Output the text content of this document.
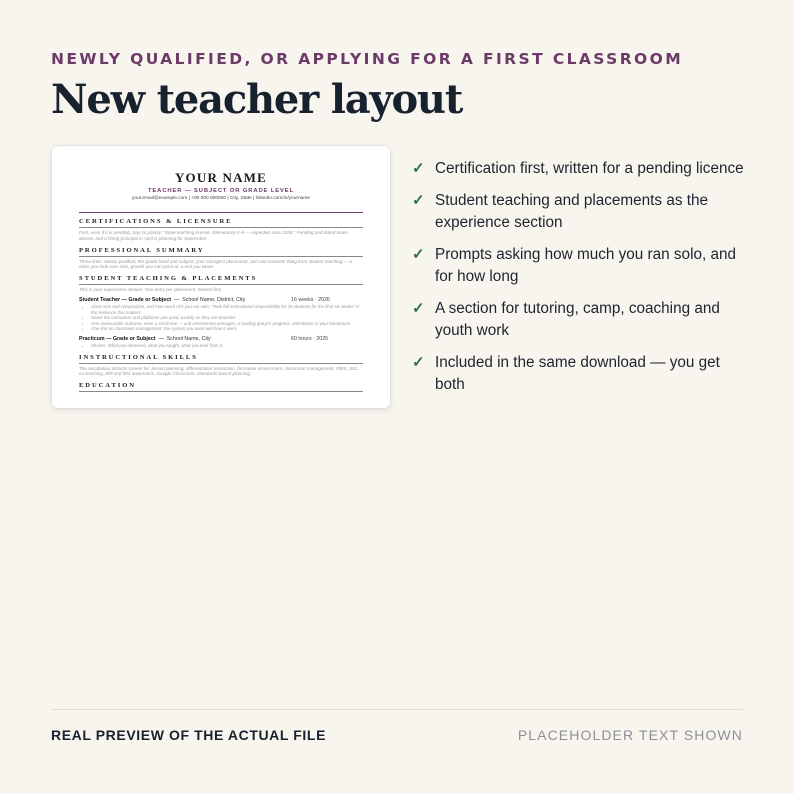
NEWLY QUALIFIED, OR APPLYING FOR A FIRST CLASSROOM
New teacher layout
YOUR NAME
TEACHER — SUBJECT OR GRADE LEVEL
your.email@example.com | +00 000 000000 | City, State | linkedin.com/in/yourname
CERTIFICATIONS & LICENSURE
First, even if it is pending. Say so plainly: "State teaching license, Elementary K-6 — expected June 2026". Pending and dated beats absent, and a hiring principal in April is planning for September.
PROFESSIONAL SUMMARY
Three lines. Newly qualified, the grade band and subject, your strongest placement, and one concrete thing from student teaching — a class you took over solo, growth you can point at, a unit you wrote.
STUDENT TEACHING & PLACEMENTS
This is your experience section. One entry per placement, newest first.
Student Teacher — Grade or Subject — School Name, District, City	16 weeks · 2026
• Class size and composition, and how much of it you ran solo. "Took full instructional responsibility for 26 students for the final six weeks" is the sentence that matters.
• Name the curriculum and platforms you used, exactly as they are branded.
• One measurable outcome, even a small one — unit assessment averages, a reading group's progress, attendance in your homeroom.
• One line on classroom management: the system you used and how it went.
Practicum — Grade or Subject — School Name, City	60 hours · 2025
• Shorter. What you observed, what you taught, what you took from it.
INSTRUCTIONAL SKILLS
The vocabulary districts screen for: lesson planning, differentiated instruction, formative assessment, classroom management, PBIS, SEL, co-teaching, IEP and 504 awareness, Google Classroom, standards-based planning.
EDUCATION
✓ Certification first, written for a pending licence
✓ Student teaching and placements as the experience section
✓ Prompts asking how much you ran solo, and for how long
✓ A section for tutoring, camp, coaching and youth work
✓ Included in the same download — you get both
REAL PREVIEW OF THE ACTUAL FILE	PLACEHOLDER TEXT SHOWN
